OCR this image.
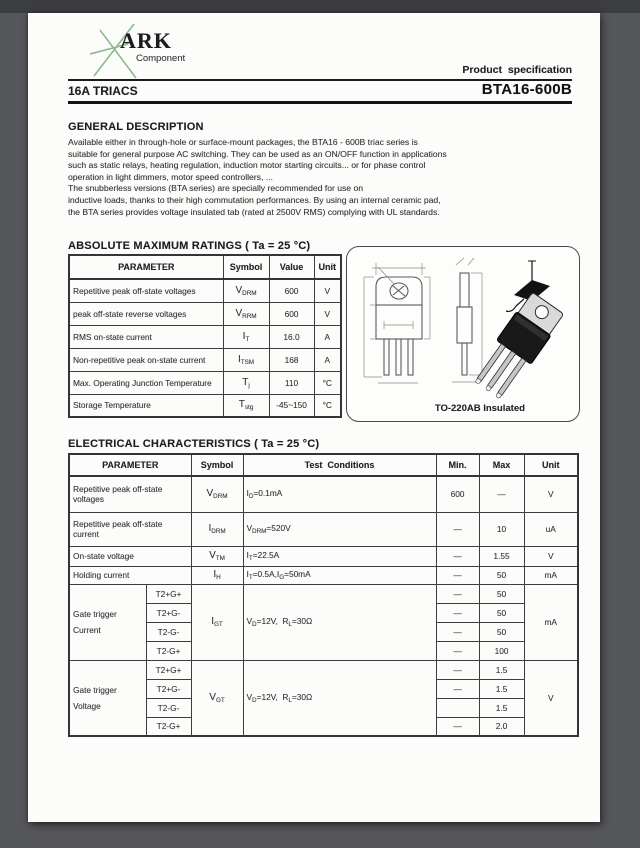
ARK
Component
Product  specification
16A TRIACS	BTA16-600B
GENERAL DESCRIPTION
Available either in through-hole or surface-mount packages, the BTA16 - 600B triac series is
suitable for general purpose AC switching. They can be used as an ON/OFF function in applications
such as static relays, heating regulation, induction motor starting circuits... or for phase control
operation in light dimmers, motor speed controllers, ...
The snubberless versions (BTA series) are specially recommended for use on
inductive loads, thanks to their high commutation performances. By using an internal ceramic pad,
the BTA series provides voltage insulated tab (rated at 2500V RMS) complying with UL standards.
ABSOLUTE MAXIMUM RATINGS ( Ta = 25 °C)
PARAMETER	Symbol	Value	Unit
Repetitive peak off-state voltages	$V_{DRM}$	600	V
peak off-state reverse voltages	$V_{RRM}$	600	V
RMS on-state current	$I_T$	16.0	A
Non-repetitive peak on-state current	$I_{TSM}$	168	A
Max. Operating Junction Temperature	$T_j$	110	°C
Storage Temperature	$T_{stg}$	-45~150	°C	TO-220AB Insulated
ELECTRICAL CHARACTERISTICS ( Ta = 25 °C)
PARAMETER		Symbol	Test  Conditions	Min.	Max	Unit
Repetitive peak off-state voltages		$V_{DRM}$	$I_D=0.1mA$	600	—	V
Repetitive peak off-state current		$I_{DRM}$	$V_{DRM}=520V$	—	10	uA
On-state voltage		$V_{TM}$	$I_T=22.5A$	—	1.55	V
Holding current		$I_H$	$I_T=0.5A,I_G=50mA$	—	50	mA

Gate trigger
Current	T2+G+	$I_{GT}$	$V_D=12V$,  $R_L=30\Omega$	—	50	mA
	T2+G-			—	50	
	T2-G-			—	50	
	T2-G+			—	100	

Gate trigger
Voltage	T2+G+	$V_{GT}$	$V_D=12V$,  $R_L=30\Omega$	—	1.5	V
	T2+G-			—	1.5	
	T2-G-				1.5	
	T2-G+			—	2.0	
